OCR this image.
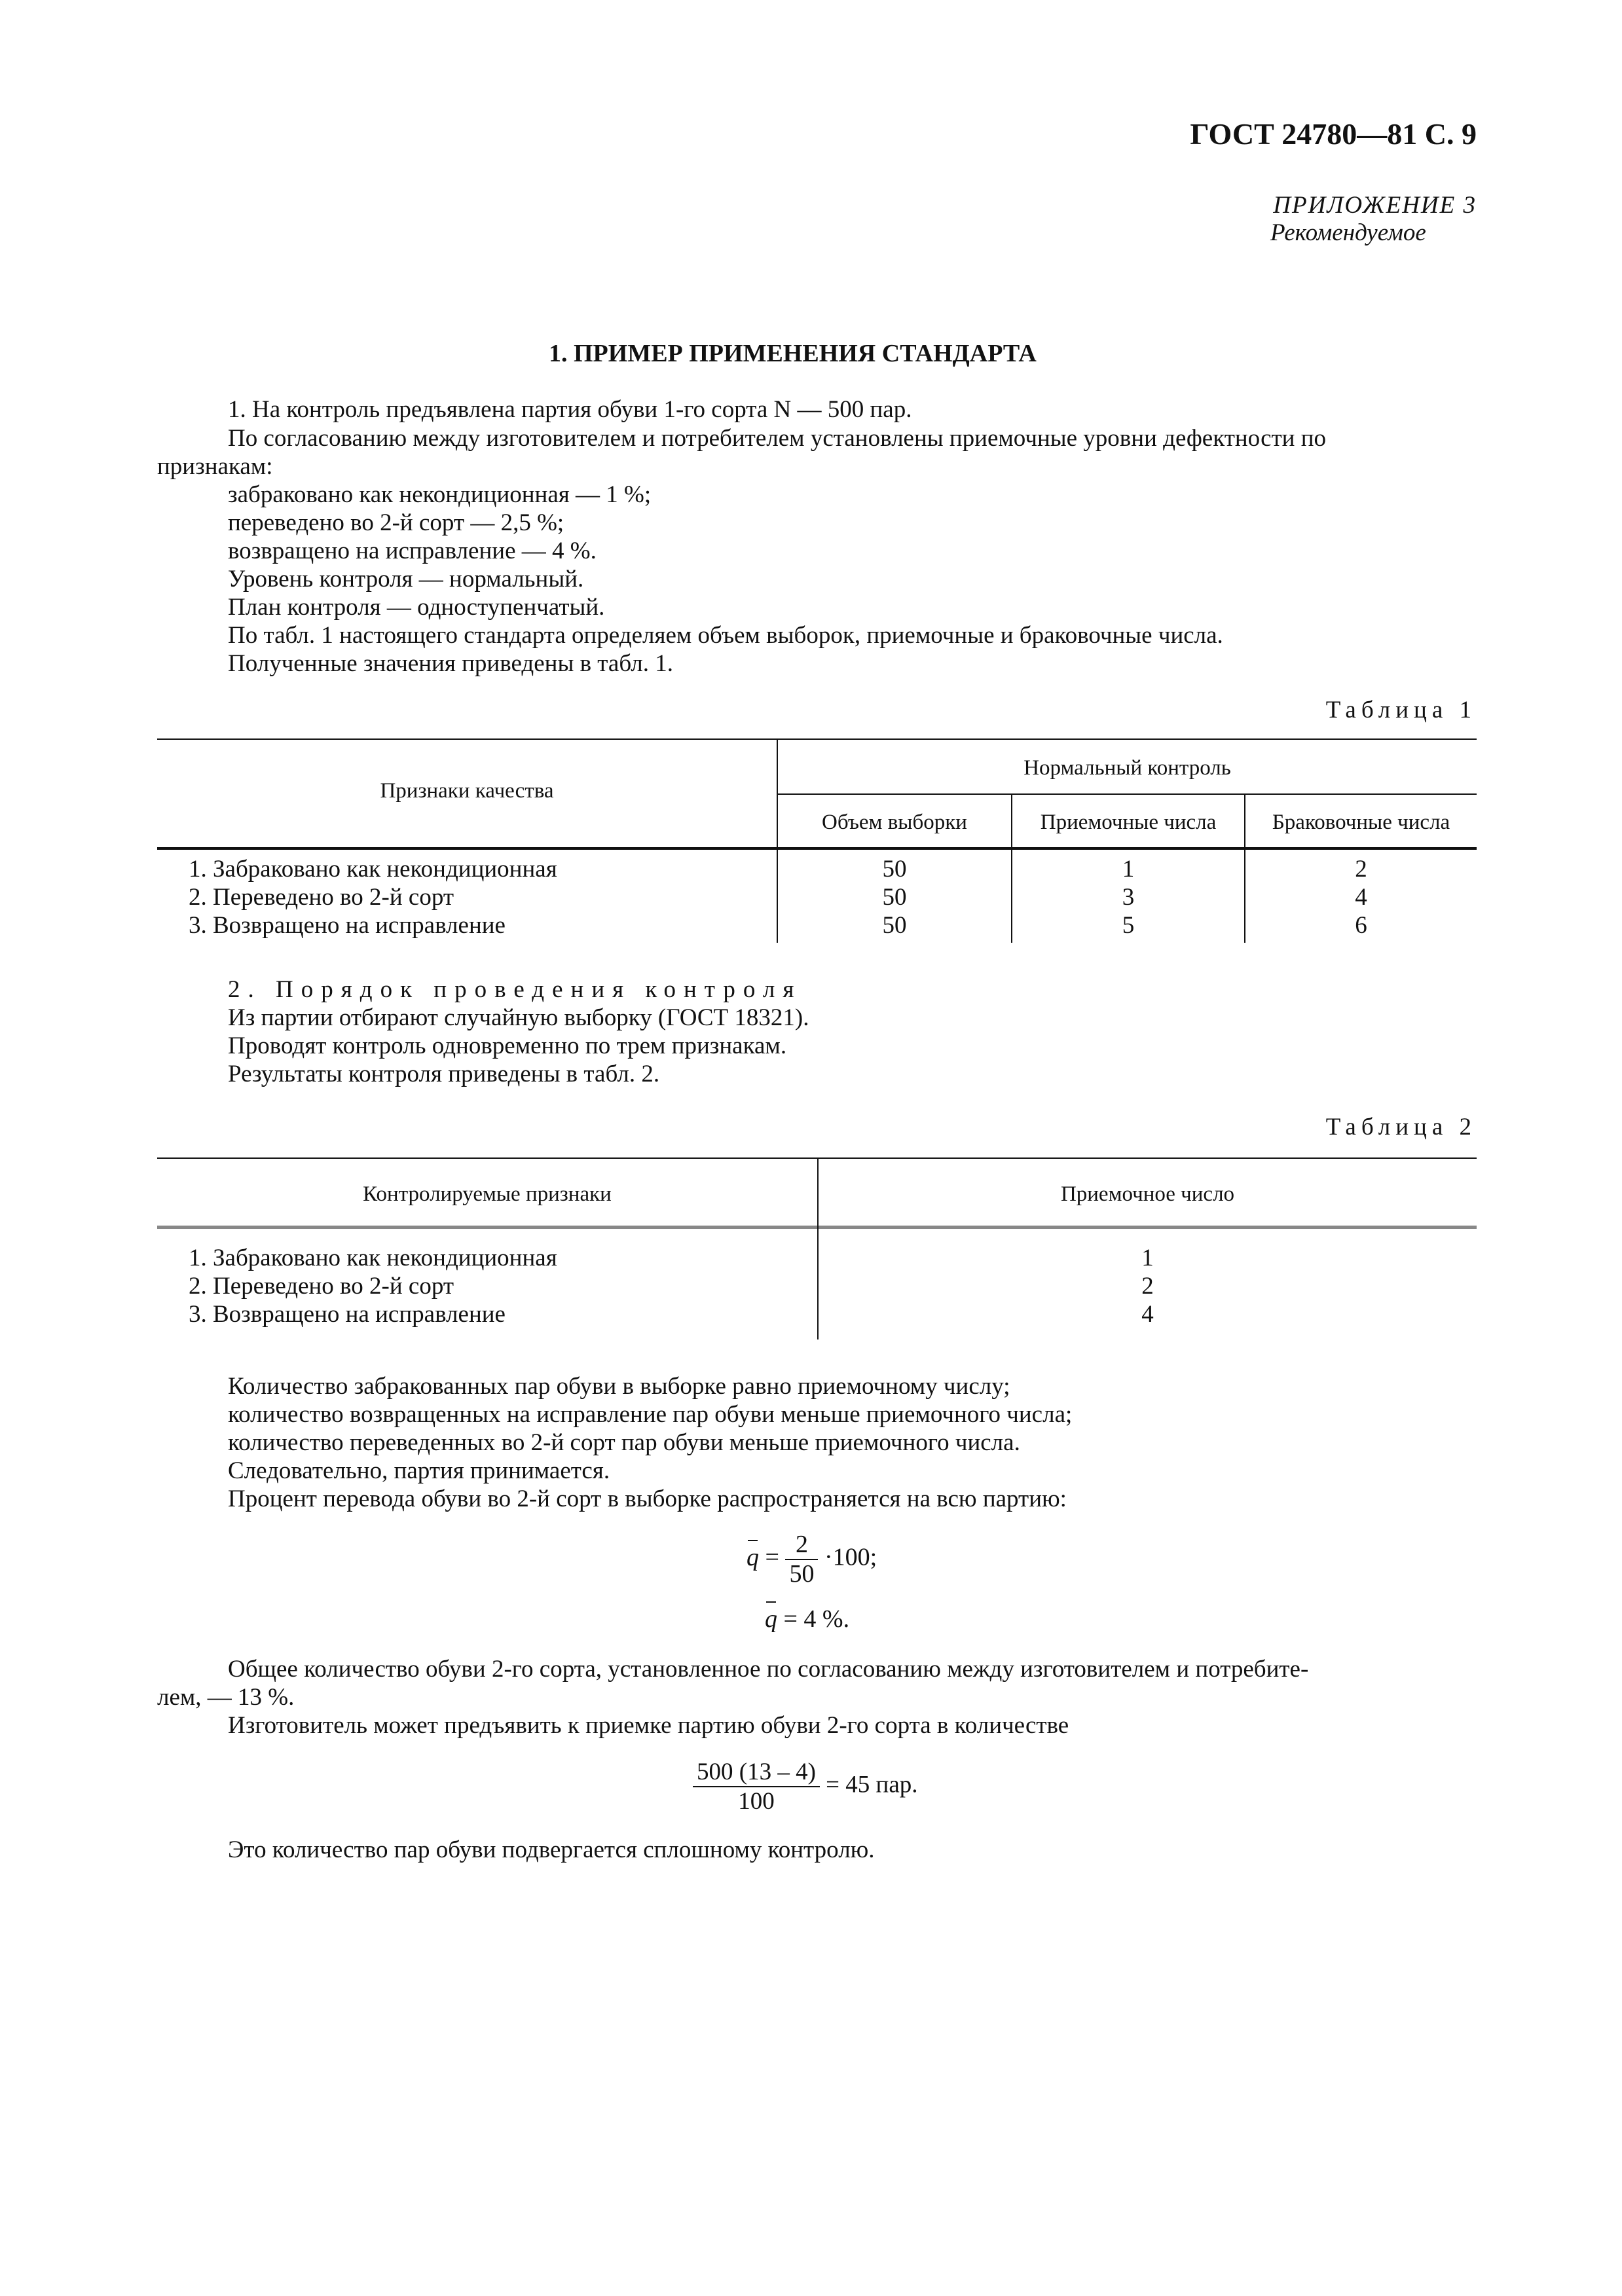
ГОСТ 24780—81 С. 9
ПРИЛОЖЕНИЕ 3
Рекомендуемое
1. ПРИМЕР ПРИМЕНЕНИЯ СТАНДАРТА
1. На контроль предъявлена партия обуви 1-го сорта N — 500 пар.
По согласованию между изготовителем и потребителем установлены приемочные уровни дефектности по
признакам:
забраковано как некондиционная — 1 %;
переведено во 2-й сорт — 2,5 %;
возвращено на исправление — 4 %.
Уровень контроля — нормальный.
План контроля — одноступенчатый.
По табл. 1 настоящего стандарта определяем объем выборок, приемочные и браковочные числа.
Полученные значения приведены в табл. 1.
Таблица 1
Признаки качества
Нормальный контроль
Объем выборки	Приемочные числа	Браковочные числа
1. Забраковано как некондиционная	50	1	2
2. Переведено во 2-й сорт	50	3	4
3. Возвращено на исправление	50	5	6
2. Порядок проведения контроля
Из партии отбирают случайную выборку (ГОСТ 18321).
Проводят контроль одновременно по трем признакам.
Результаты контроля приведены в табл. 2.
Таблица 2
Контролируемые признаки	Приемочное число
1. Забраковано как некондиционная	1
2. Переведено во 2-й сорт	2
3. Возвращено на исправление	4
Количество забракованных пар обуви в выборке равно приемочному числу;
количество возвращенных на исправление пар обуви меньше приемочного числа;
количество переведенных во 2-й сорт пар обуви меньше приемочного числа.
Следовательно, партия принимается.
Процент перевода обуви во 2-й сорт в выборке распространяется на всю партию:
$q = \frac{2}{50} \cdot 100$;
q = 4 %.
Общее количество обуви 2-го сорта, установленное по согласованию между изготовителем и потребите-
лем, — 13 %.
Изготовитель может предъявить к приемке партию обуви 2-го сорта в количестве
$\frac{500 (13 - 4)}{100} = 45$ пар.
Это количество пар обуви подвергается сплошному контролю.
